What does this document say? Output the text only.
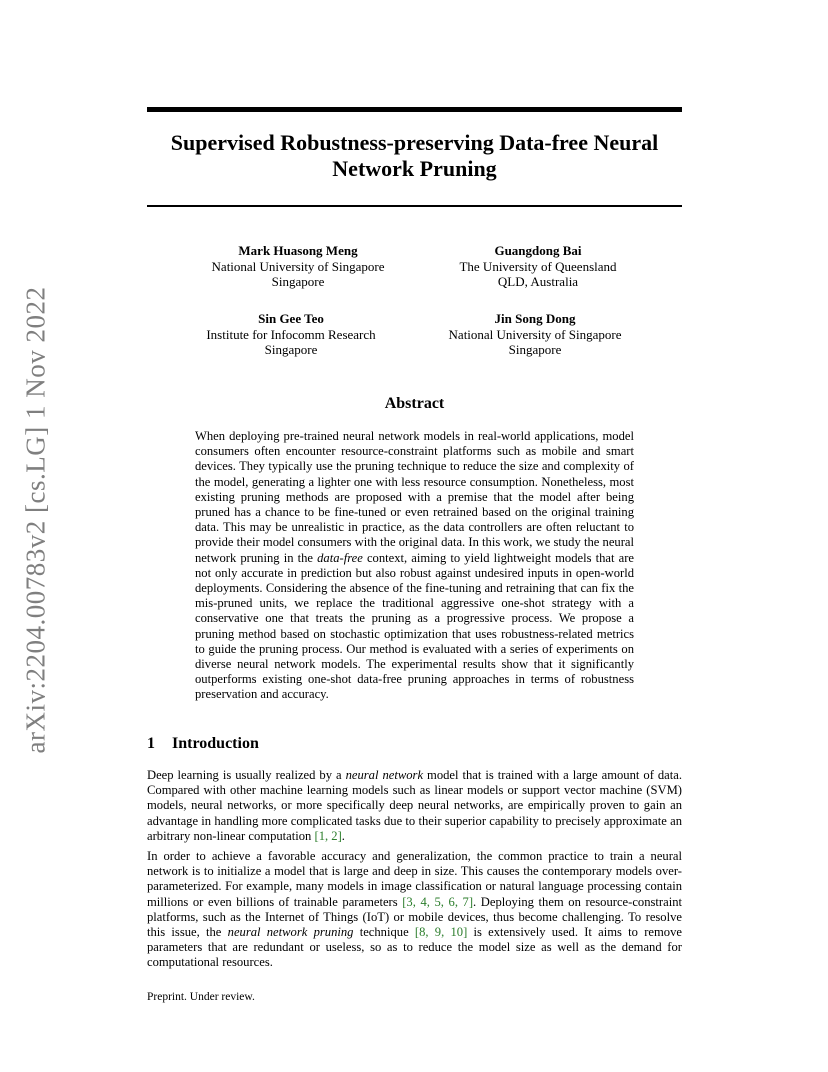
arXiv:2204.00783v2 [cs.LG] 1 Nov 2022
Supervised Robustness-preserving Data-free Neural Network Pruning
Mark Huasong Meng
National University of Singapore
Singapore
Guangdong Bai
The University of Queensland
QLD, Australia
Sin Gee Teo
Institute for Infocomm Research
Singapore
Jin Song Dong
National University of Singapore
Singapore
Abstract
When deploying pre-trained neural network models in real-world applications, model consumers often encounter resource-constraint platforms such as mobile and smart devices. They typically use the pruning technique to reduce the size and complexity of the model, generating a lighter one with less resource consumption. Nonetheless, most existing pruning methods are proposed with a premise that the model after being pruned has a chance to be fine-tuned or even retrained based on the original training data. This may be unrealistic in practice, as the data controllers are often reluctant to provide their model consumers with the original data. In this work, we study the neural network pruning in the data-free context, aiming to yield lightweight models that are not only accurate in prediction but also robust against undesired inputs in open-world deployments. Considering the absence of the fine-tuning and retraining that can fix the mis-pruned units, we replace the traditional aggressive one-shot strategy with a conservative one that treats the pruning as a progressive process. We propose a pruning method based on stochastic optimization that uses robustness-related metrics to guide the pruning process. Our method is evaluated with a series of experiments on diverse neural network models. The experimental results show that it significantly outperforms existing one-shot data-free pruning approaches in terms of robustness preservation and accuracy.
1 Introduction

Deep learning is usually realized by a neural network model that is trained with a large amount of data. Compared with other machine learning models such as linear models or support vector machine (SVM) models, neural networks, or more specifically deep neural networks, are empirically proven to gain an advantage in handling more complicated tasks due to their superior capability to precisely approximate an arbitrary non-linear computation [1, 2].

In order to achieve a favorable accuracy and generalization, the common practice to train a neural network is to initialize a model that is large and deep in size. This causes the contemporary models over-parameterized. For example, many models in image classification or natural language processing contain millions or even billions of trainable parameters [3, 4, 5, 6, 7]. Deploying them on resource-constraint platforms, such as the Internet of Things (IoT) or mobile devices, thus become challenging. To resolve this issue, the neural network pruning technique [8, 9, 10] is extensively used. It aims to remove parameters that are redundant or useless, so as to reduce the model size as well as the demand for computational resources.

Preprint. Under review.
